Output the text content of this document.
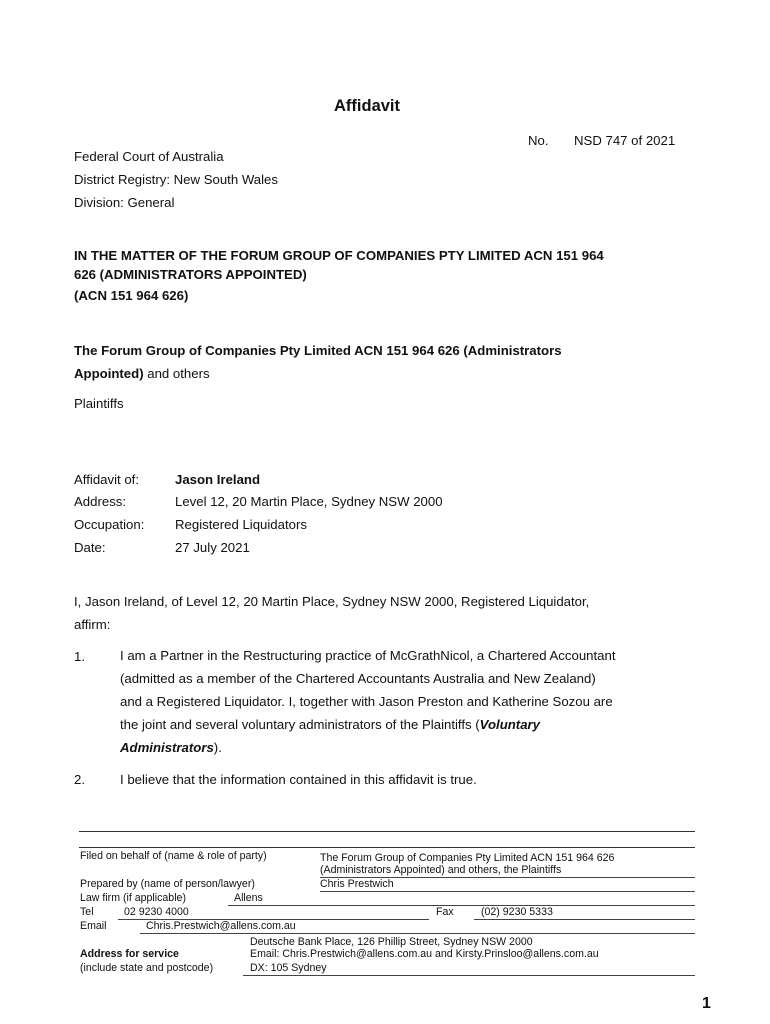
Affidavit
No. NSD 747 of 2021
Federal Court of Australia
District Registry: New South Wales
Division: General
IN THE MATTER OF THE FORUM GROUP OF COMPANIES PTY LIMITED ACN 151 964
626 (ADMINISTRATORS APPOINTED)
(ACN 151 964 626)
The Forum Group of Companies Pty Limited ACN 151 964 626 (Administrators
Appointed) and others
Plaintiffs
Affidavit of:	Jason Ireland
Address:	Level 12, 20 Martin Place, Sydney NSW 2000
Occupation: Registered Liquidators
Date:	27 July 2021
I, Jason Ireland, of Level 12, 20 Martin Place, Sydney NSW 2000, Registered Liquidator,
affirm:
1.	I am a Partner in the Restructuring practice of McGrathNicol, a Chartered Accountant
(admitted as a member of the Chartered Accountants Australia and New Zealand)
and a Registered Liquidator. I, together with Jason Preston and Katherine Sozou are
the joint and several voluntary administrators of the Plaintiffs (Voluntary
Administrators).
2.	I believe that the information contained in this affidavit is true.
Filed on behalf of (name & role of party)	The Forum Group of Companies Pty Limited ACN 151 964 626
(Administrators Appointed) and others, the Plaintiffs
Prepared by (name of person/lawyer)	Chris Prestwich
Law firm (if applicable)	Allens
Tel	02 9230 4000	Fax	(02) 9230 5333
Email	Chris.Prestwich@allens.com.au
Deutsche Bank Place, 126 Phillip Street, Sydney NSW 2000
Address for service	Email: Chris.Prestwich@allens.com.au and Kirsty.Prinsloo@allens.com.au
(include state and postcode)	DX: 105 Sydney
1
